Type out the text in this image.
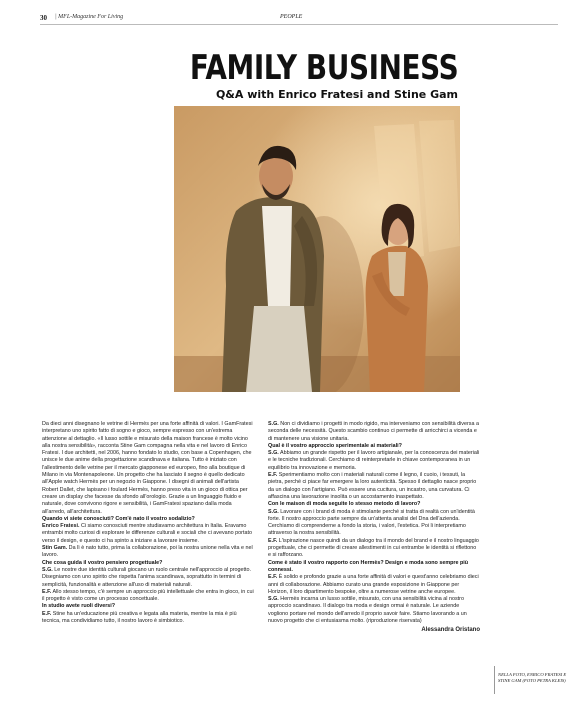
30 | MFL-Magazine For Living	PEOPLE
FAMILY BUSINESS
Q&A with Enrico Fratesi and Stine Gam

Da dieci anni disegnano le vetrine di Hermès per una forte affinità di valori. I GamFratesi interpretano uno spirito fatto di sogno e gioco, sempre espresso con un'estrema attenzione al dettaglio. «Il lusso sottile e misurato della maison francese è molto vicino alla nostra sensibilità», racconta Stine Gam compagna nella vita e nel lavoro di Enrico Fratesi. I due architetti, nel 2006, hanno fondato lo studio, con base a Copenhagen, che unisce le due anime della progettazione scandinava e italiana. Tutto è iniziato con l'allestimento delle vetrine per il mercato giapponese ed europeo, fino alla boutique di Milano in via Montenapoleone. Un progetto che ha lasciato il segno è quello dedicato all'Apple watch Hermès per un negozio in Giappone. I disegni di animali dell'artista Robert Dallet, che lapisano i foulard Hermès, hanno preso vita in un gioco di ottica per creare un display che facesse da sfondo all'orologio. Grazie a un linguaggio fluido e naturale, dove convivono rigore e sensibilità, i GamFratesi spaziano dalla moda all'arredo, all'architettura.

Quando vi siete conosciuti? Com'è nato il vostro sodalizio?

Enrico Fratesi. Ci siamo conosciuti mentre studiavamo architettura in Italia. Eravamo entrambi molto curiosi di esplorare le differenze culturali e sociali che ci avevano portato verso il design, e questo ci ha spinto a iniziare a lavorare insieme.

Stin Gam. Da lì è nato tutto, prima la collaborazione, poi la nostra unione nella vita e nel lavoro.

Che cosa guida il vostro pensiero progettuale?

S.G. Le nostre due identità culturali giocano un ruolo centrale nell'approccio al progetto. Disegniamo con uno spirito che rispetta l'anima scandinava, soprattutto in termini di semplicità, funzionalità e attenzione all'uso di materiali naturali.

E.F. Allo stesso tempo, c'è sempre un approccio più intellettuale che entra in gioco, in cui il progetto è visto come un processo concettuale.

In studio avete ruoli diversi?

E.F. Stine ha un'educazione più creativa e legata alla materia, mentre la mia è più tecnica, ma condividiamo tutto, il nostro lavoro è simbiotico.

S.G. Non ci dividiamo i progetti in modo rigido, ma interveniamo con sensibilità diversa a seconda delle necessità. Questo scambio continuo ci permette di arricchirci a vicenda e di mantenere una visione unitaria.

Qual è il vostro approccio sperimentale ai materiali?

S.G. Abbiamo un grande rispetto per il lavoro artigianale, per la conoscenza dei materiali e le tecniche tradizionali. Cerchiamo di reinterpretarle in chiave contemporanea in un equilibrio tra innovazione e memoria.

E.F. Sperimentiamo molto con i materiali naturali come il legno, il cuoio, i tessuti, la pietra, perché ci piace far emergere la loro autenticità. Spesso il dettaglio nasce proprio da un dialogo con l'artigiano. Può essere una cucitura, un incastro, una curvatura. Ci affascina una lavorazione insolita o un accostamento inaspettato.

Con le maison di moda seguite lo stesso metodo di lavoro?

S.G. Lavorare con i brand di moda è stimolante perché si tratta di realtà con un'identità forte. Il nostro approccio parte sempre da un'attenta analisi del Dna dell'azienda. Cerchiamo di comprenderne a fondo la storia, i valori, l'estetica. Poi li interpretiamo attraverso la nostra sensibilità.

E.F. L'ispirazione nasce quindi da un dialogo tra il mondo del brand e il nostro linguaggio progettuale, che ci permette di creare allestimenti in cui entrambe le identità si riflettono e si rafforzano.

Come è stato il vostro rapporto con Hermès? Design e moda sono sempre più connessi.

E.F. È solido e profondo grazie a una forte affinità di valori e quest'anno celebriamo dieci anni di collaborazione. Abbiamo curato una grande esposizione in Giappone per Horizon, il loro dipartimento bespoke, oltre a numerose vetrine anche europee.

S.G. Hermès incarna un lusso sottile, misurato, con una sensibilità vicina al nostro approccio scandinavo. Il dialogo tra moda e design ormai è naturale. Le aziende vogliono portare nel mondo dell'arredo il proprio savoir faire. Stiamo lavorando a un nuovo progetto che ci entusiasma molto. (riproduzione riservata)

Alessandra Oristano

NELLA FOTO, ENRICO FRATESI E STINE GAM (FOTO PETRA KLEIS)
